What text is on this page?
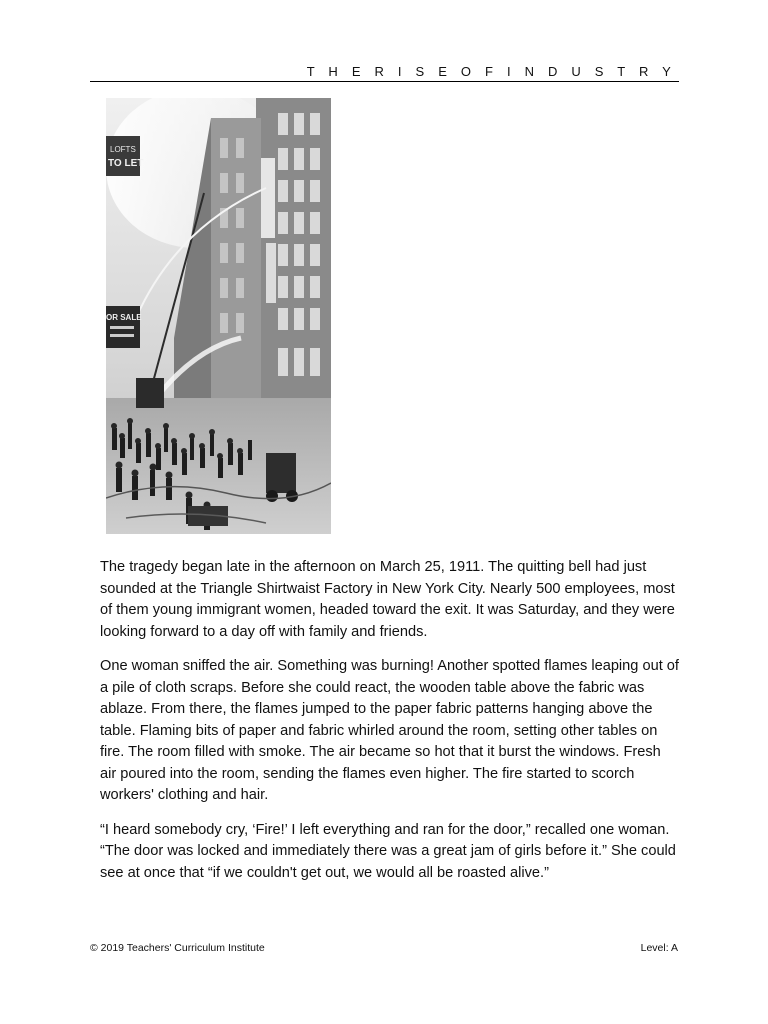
T H E R I S E O F I N D U S T R Y
LOFTS
TO LET
OR SALE

The tragedy began late in the afternoon on March 25, 1911. The quitting bell had just sounded at the Triangle Shirtwaist Factory in New York City. Nearly 500 employees, most of them young immigrant women, headed toward the exit. It was Saturday, and they were looking forward to a day off with family and friends.

One woman sniffed the air. Something was burning! Another spotted flames leaping out of a pile of cloth scraps. Before she could react, the wooden table above the fabric was ablaze. From there, the flames jumped to the paper fabric patterns hanging above the table. Flaming bits of paper and fabric whirled around the room, setting other tables on fire. The room filled with smoke. The air became so hot that it burst the windows. Fresh air poured into the room, sending the flames even higher. The fire started to scorch workers' clothing and hair.

“I heard somebody cry, ‘Fire!’ I left everything and ran for the door,” recalled one woman. “The door was locked and immediately there was a great jam of girls before it.” She could see at once that “if we couldn't get out, we would all be roasted alive.”

© 2019 Teachers' Curriculum Institute	Level: A
